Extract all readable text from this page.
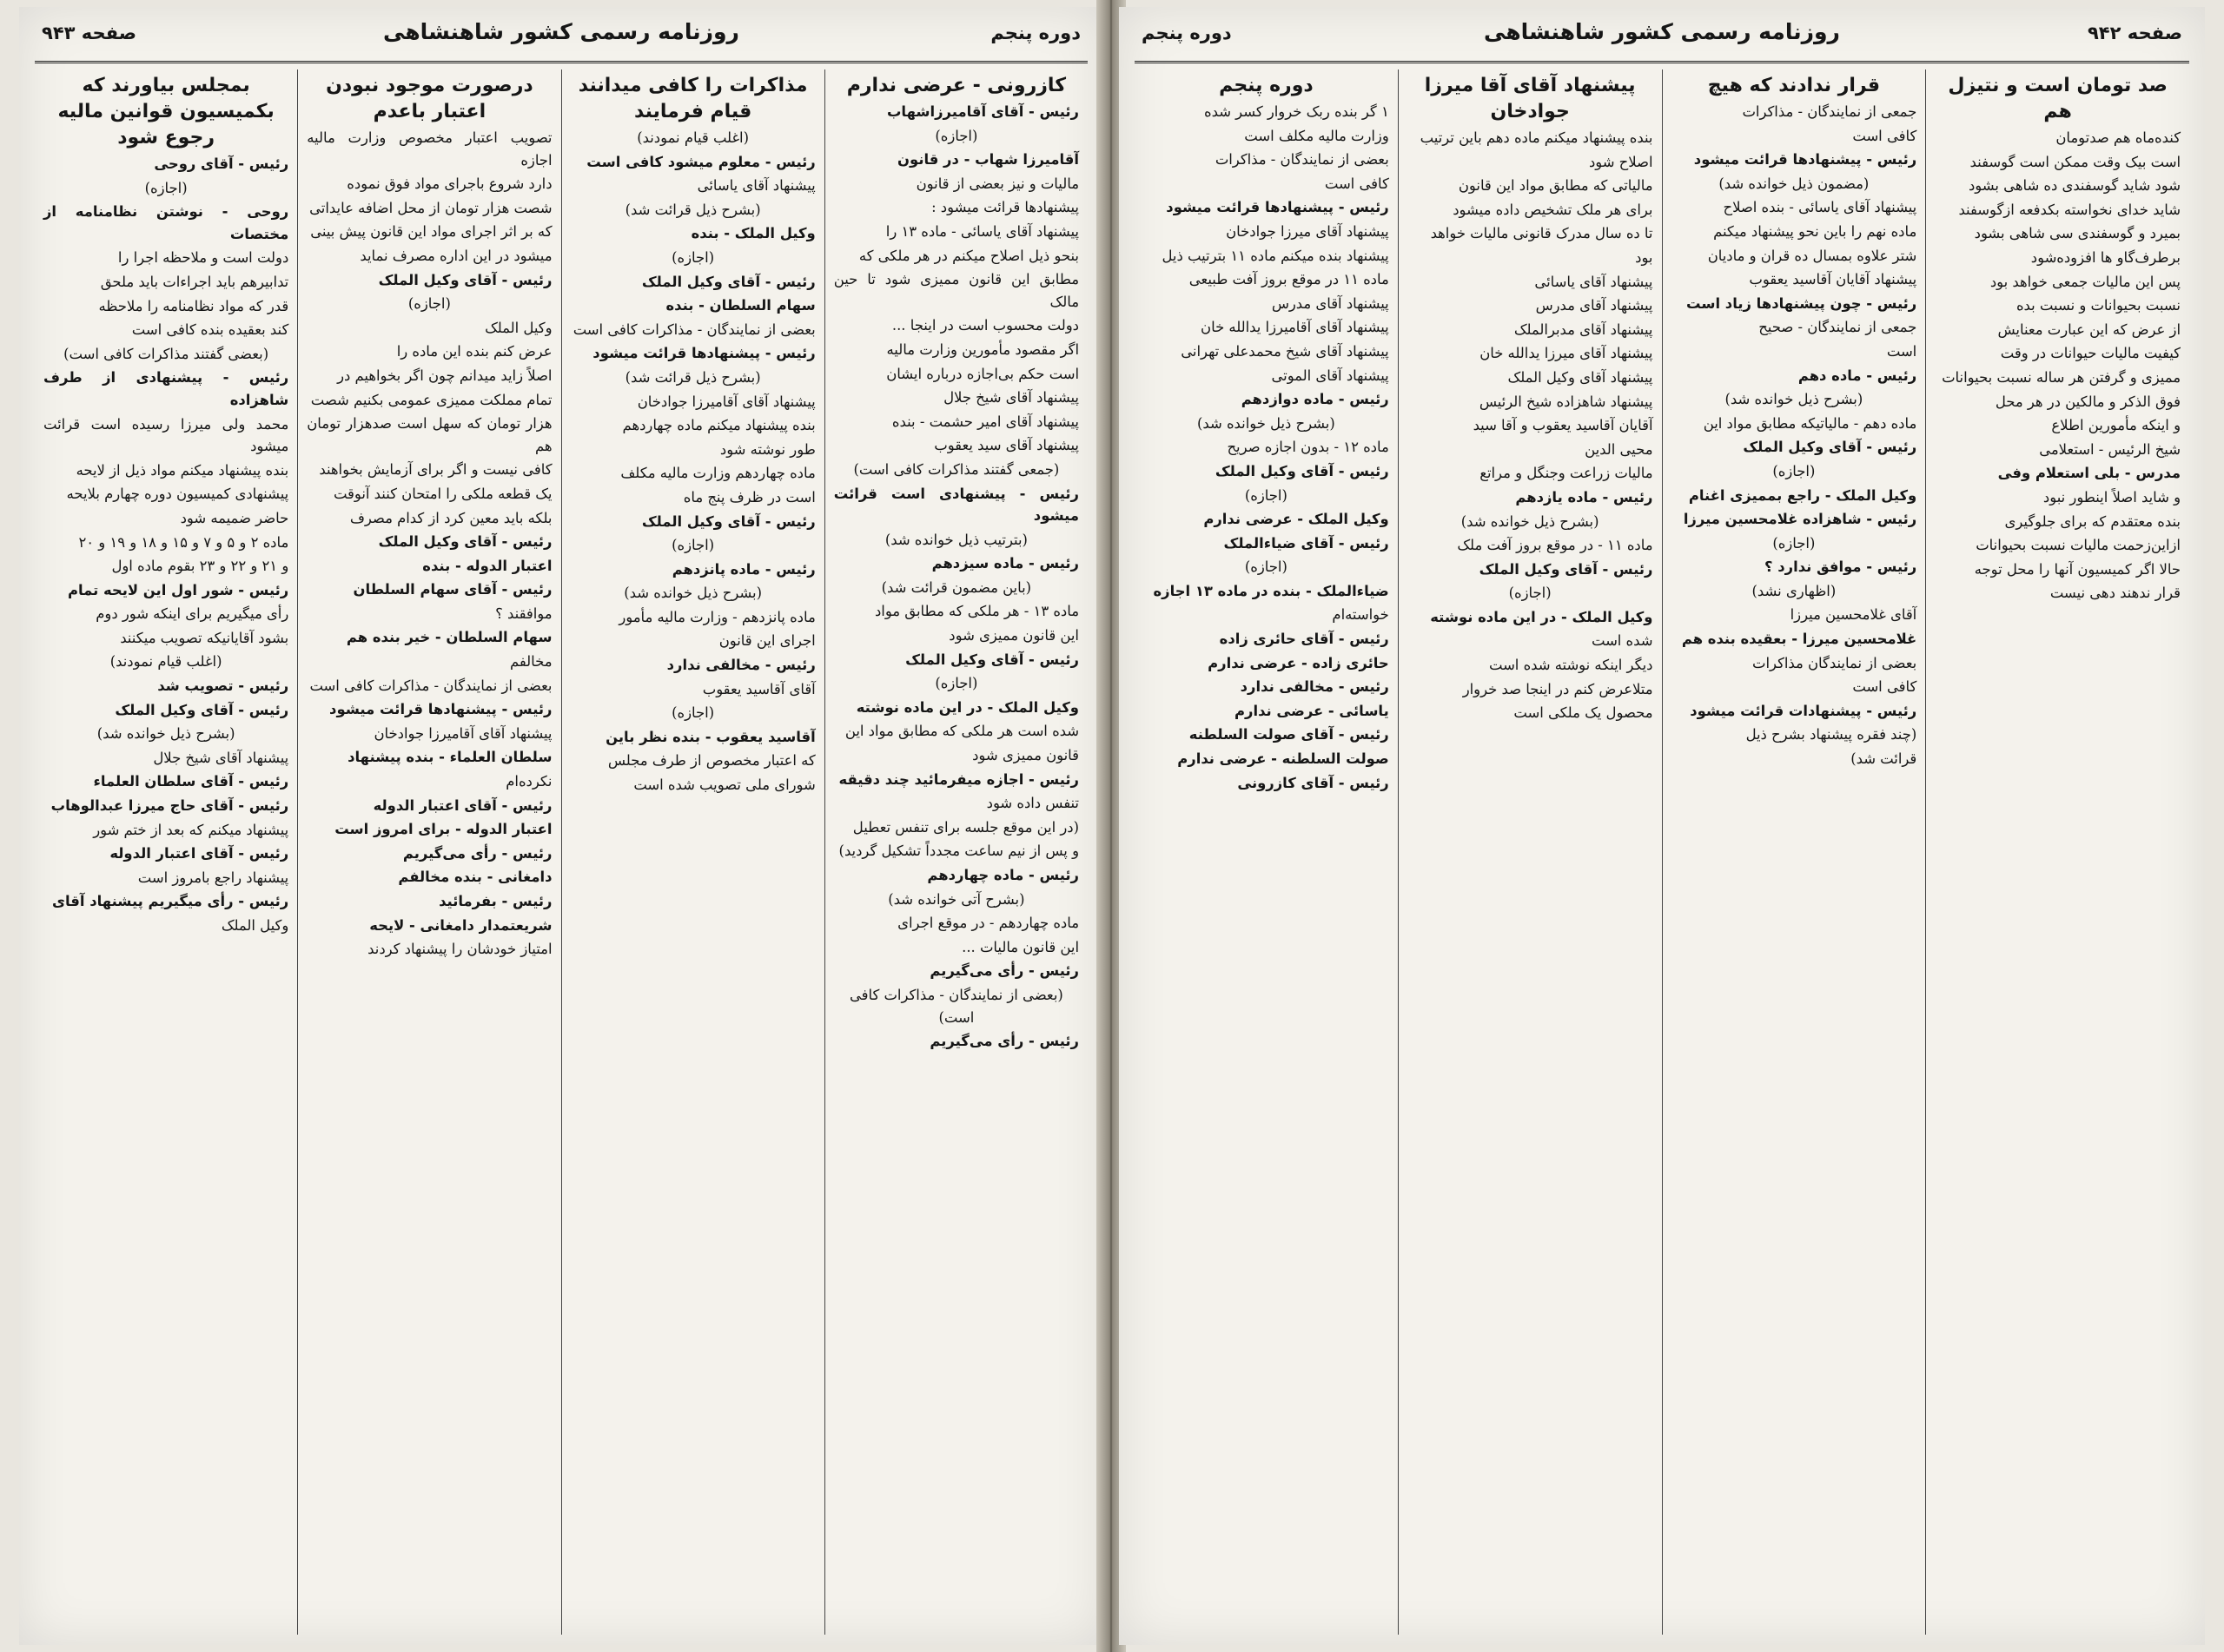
دوره پنجم
روزنامه رسمی کشور شاهنشاهی
صفحه ۹۴۳
کازرونی - عرضی ندارم

رئیس - آقای آقامیرزاشهاب

(اجازه)

آقامیرزا شهاب - در قانون

مالیات و نیز بعضی از قانون

پیشنهادها قرائت میشود :

پیشنهاد آقای یاسائی - ماده ۱۳ را

بنحو ذیل اصلاح میکنم در هر ملکی که

مطابق این قانون ممیزی شود تا حین مالک

دولت محسوب است در اینجا ...

اگر مقصود مأمورین وزارت مالیه

است حکم بی‌اجازه درباره ایشان

پیشنهاد آقای شیخ جلال

پیشنهاد آقای امیر حشمت - بنده

پیشنهاد آقای سید یعقوب

(جمعی گفتند مذاکرات کافی است)

رئیس - پیشنهادی است قرائت میشود

(بترتیب ذیل خوانده شد)

رئیس - ماده سیزدهم

(باین مضمون قرائت شد)

ماده ۱۳ - هر ملکی که مطابق مواد

این قانون ممیزی شود

رئیس - آقای وکیل الملک

(اجازه)

وکیل الملک - در این ماده نوشته

شده است هر ملکی که مطابق مواد این

قانون ممیزی شود

رئیس - اجازه میفرمائید چند دقیقه

تنفس داده شود

(در این موقع جلسه برای تنفس تعطیل

و پس از نیم ساعت مجدداً تشکیل گردید)

رئیس - ماده چهاردهم

(بشرح آتی خوانده شد)

ماده چهاردهم - در موقع اجرای

این قانون مالیات ...

رئیس - رأی می‌گیریم

(بعضی از نمایندگان - مذاکرات کافی است)

رئیس - رأی می‌گیریم

مذاکرات را کافی میدانند قیام فرمایند

(اغلب قیام نمودند)

رئیس - معلوم میشود کافی است

پیشنهاد آقای یاسائی

(بشرح ذیل قرائت شد)

وکیل الملک - بنده

(اجازه)

رئیس - آقای وکیل الملک

سهام السلطان - بنده

بعضی از نمایندگان - مذاکرات کافی است

رئیس - پیشنهادها قرائت میشود

(بشرح ذیل قرائت شد)

پیشنهاد آقای آقامیرزا جوادخان

بنده پیشنهاد میکنم ماده چهاردهم

طور نوشته شود

ماده چهاردهم وزارت مالیه مکلف

است در ظرف پنج ماه

رئیس - آقای وکیل الملک

(اجازه)

رئیس - ماده پانزدهم

(بشرح ذیل خوانده شد)

ماده پانزدهم - وزارت مالیه مأمور

اجرای این قانون

رئیس - مخالفی ندارد

آقای آقاسید یعقوب

(اجازه)

آقاسید یعقوب - بنده نظر باین

که اعتبار مخصوص از طرف مجلس

شورای ملی تصویب شده است

درصورت موجود نبودن اعتبار باعدم

تصویب اعتبار مخصوص وزارت مالیه اجازه

دارد شروع باجرای مواد فوق نموده

شصت هزار تومان از محل اضافه عایداتی

که بر اثر اجرای مواد این قانون پیش بینی

میشود در این اداره مصرف نماید

رئیس - آقای وکیل الملک

(اجازه)

وکیل الملک

عرض کنم بنده این ماده را

اصلاً زاید میدانم چون اگر بخواهیم در

تمام مملکت ممیزی عمومی بکنیم شصت

هزار تومان که سهل است صدهزار تومان هم

کافی نیست و اگر برای آزمایش بخواهند

یک قطعه ملکی را امتحان کنند آنوقت

بلکه باید معین کرد از کدام مصرف

رئیس - آقای وکیل الملک

اعتبار الدوله - بنده

رئیس - آقای سهام السلطان

موافقند ؟

سهام السلطان - خیر بنده هم

مخالفم

بعضی از نمایندگان - مذاکرات کافی است

رئیس - پیشنهادها قرائت میشود

پیشنهاد آقای آقامیرزا جوادخان

سلطان العلماء - بنده پیشنهاد

نکرده‌ام

رئیس - آقای اعتبار الدوله

اعتبار الدوله - برای امروز است

رئیس - رأی می‌گیریم

دامغانی - بنده مخالفم

رئیس - بفرمائید

شریعتمدار دامغانی - لایحه

امتیاز خودشان را پیشنهاد کردند

بمجلس بیاورند که بکمیسیون قوانین مالیه رجوع شود

رئیس - آقای روحی

(اجازه)

روحی - نوشتن نظامنامه از مختصات

دولت است و ملاحظه اجرا را

تدابیرهم باید اجراءات باید ملحق

قدر که مواد نظامنامه را ملاحظه

کند بعقیده بنده کافی است

(بعضی گفتند مذاکرات کافی است)

رئیس - پیشنهادی از طرف شاهزاده

محمد ولی میرزا رسیده است قرائت میشود

بنده پیشنهاد میکنم مواد ذیل از لایحه

پیشنهادی کمیسیون دوره چهارم بلایحه

حاضر ضمیمه شود

ماده ۲ و ۵ و ۷ و ۱۵ و ۱۸ و ۱۹ و ۲۰

و ۲۱ و ۲۲ و ۲۳ بقوم ماده اول

رئیس - شور اول این لایحه تمام

رأی میگیریم برای اینکه شور دوم

بشود آقایانیکه تصویب میکنند

(اغلب قیام نمودند)

رئیس - تصویب شد

رئیس - آقای وکیل الملک

(بشرح ذیل خوانده شد)

پیشنهاد آقای شیخ جلال

رئیس - آقای سلطان العلماء

رئیس - آقای حاج میرزا عبدالوهاب

پیشنهاد میکنم که بعد از ختم شور

رئیس - آقای اعتبار الدوله

پیشنهاد راجع بامروز است

رئیس - رأی میگیریم پیشنهاد آقای

وکیل الملک

صفحه ۹۴۲
روزنامه رسمی کشور شاهنشاهی
دوره پنجم
صد تومان است و نتیزل هم

کنده‌ماه هم صدتومان

است بیک وقت ممکن است گوسفند

شود شاید گوسفندی ده شاهی بشود

شاید خدای نخواسته بکدفعه ازگوسفند

بمیرد و گوسفندی سی شاهی بشود

برطرف‌گاو ها افزوده‌شود

پس این مالیات جمعی خواهد بود

نسبت بحیوانات و نسبت بده

از عرض که این عبارت معنایش

کیفیت مالیات حیوانات در وقت

ممیزی و گرفتن هر ساله نسبت بحیوانات

فوق الذکر و مالکین در هر محل

و اینکه مأمورین اطلاع

شیخ الرئیس - استعلامی

مدرس - بلی استعلام وفی

و شاید اصلاً اینطور نبود

بنده معتقدم که برای جلوگیری

ازاین‌زحمت مالیات نسبت بحیوانات

حالا اگر کمیسیون آنها را محل توجه

قرار ندهند دهی نیست

قرار ندادند که هیچ

جمعی از نمایندگان - مذاکرات

کافی است

رئیس - پیشنهادها قرائت میشود

(مضمون ذیل خوانده شد)

پیشنهاد آقای یاسائی - بنده اصلاح

ماده نهم را باین نحو پیشنهاد میکنم

شتر علاوه بمسال ده قران و مادیان

پیشنهاد آقایان آقاسید یعقوب

رئیس - چون پیشنهادها زیاد است

جمعی از نمایندگان - صحیح

است

رئیس - ماده دهم

(بشرح ذیل خوانده شد)

ماده دهم - مالیاتیکه مطابق مواد این

رئیس - آقای وکیل الملک

(اجازه)

وکیل الملک - راجع بممیزی اغنام

رئیس - شاهزاده غلامحسین میرزا

(اجازه)

رئیس - موافق ندارد ؟

(اظهاری نشد)

آقای غلامحسین میرزا

غلامحسین میرزا - بعقیده بنده هم

بعضی از نمایندگان مذاکرات

کافی است

رئیس - پیشنهادات قرائت میشود

(چند فقره پیشنهاد بشرح ذیل

قرائت شد)

پیشنهاد آقای آقا میرزا جوادخان

بنده پیشنهاد میکنم ماده دهم باین ترتیب

اصلاح شود

مالیاتی که مطابق مواد این قانون

برای هر ملک تشخیص داده میشود

تا ده سال مدرک قانونی مالیات خواهد

بود

پیشنهاد آقای یاسائی

پیشنهاد آقای مدرس

پیشنهاد آقای مدبرالملک

پیشنهاد آقای میرزا یدالله خان

پیشنهاد آقای وکیل الملک

پیشنهاد شاهزاده شیخ الرئیس

آقایان آقاسید یعقوب و آقا سید

محیی الدین

مالیات زراعت وجنگل و مراتع

رئیس - ماده یازدهم

(بشرح ذیل خوانده شد)

ماده ۱۱ - در موقع بروز آفت ملک

رئیس - آقای وکیل الملک

(اجازه)

وکیل الملک - در این ماده نوشته

شده است

دیگر اینکه نوشته شده است

متلاعرض کنم در اینجا صد خروار

محصول یک ملکی است

دوره پنجم

۱ گر بنده ربک خروار کسر شده

وزارت مالیه مکلف است

بعضی از نمایندگان - مذاکرات

کافی است

رئیس - پیشنهادها قرائت میشود

پیشنهاد آقای میرزا جوادخان

پیشنهاد بنده میکنم ماده ۱۱ بترتیب ذیل

ماده ۱۱ در موقع بروز آفت طبیعی

پیشنهاد آقای مدرس

پیشنهاد آقای آقامیرزا یدالله خان

پیشنهاد آقای شیخ محمدعلی تهرانی

پیشنهاد آقای الموتی

رئیس - ماده دوازدهم

(بشرح ذیل خوانده شد)

ماده ۱۲ - بدون اجازه صریح

رئیس - آقای وکیل الملک

(اجازه)

وکیل الملک - عرضی ندارم

رئیس - آقای ضیاءالملک

(اجازه)

ضیاءالملک - بنده در ماده ۱۳ اجازه

خواسته‌ام

رئیس - آقای حائری زاده

حائری زاده - عرضی ندارم

رئیس - مخالفی ندارد

یاسائی - عرضی ندارم

رئیس - آقای صولت السلطنه

صولت السلطنه - عرضی ندارم

رئیس - آقای کازرونی
